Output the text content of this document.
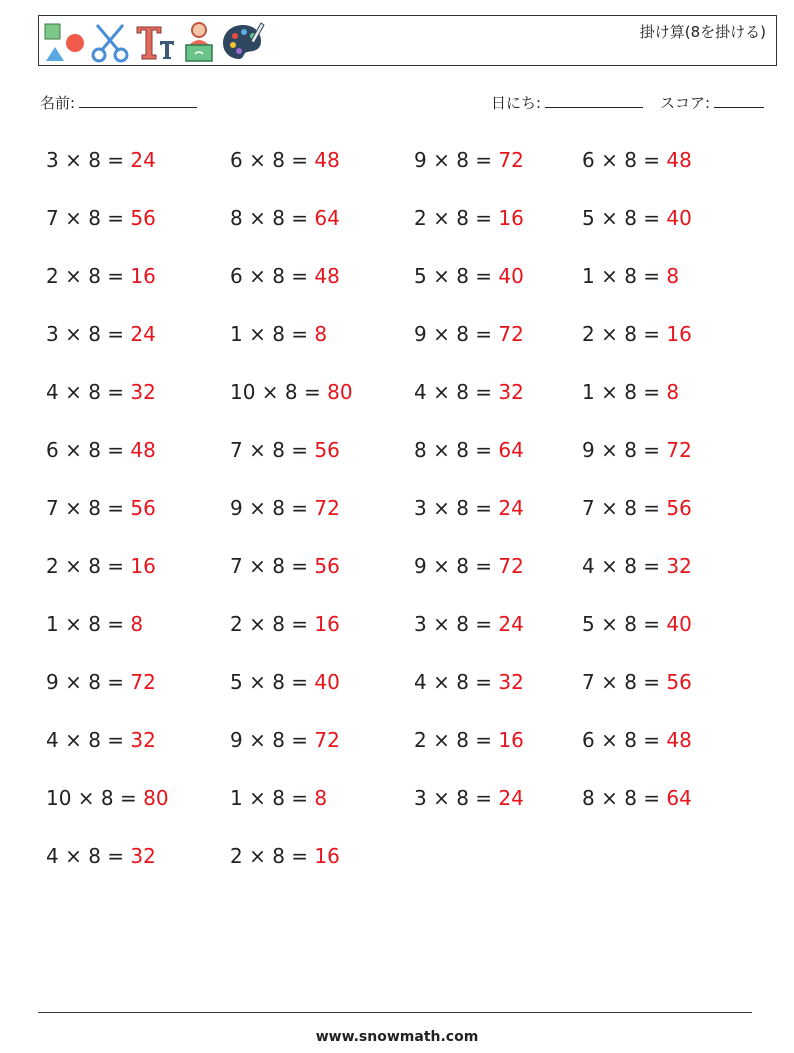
掛け算(8を掛ける)
名前:	日にち:	スコア:
3 × 8 = 24
7 × 8 = 56
2 × 8 = 16
3 × 8 = 24
4 × 8 = 32
6 × 8 = 48
7 × 8 = 56
2 × 8 = 16
1 × 8 = 8
9 × 8 = 72
4 × 8 = 32
10 × 8 = 80
4 × 8 = 32
6 × 8 = 48
8 × 8 = 64
6 × 8 = 48
1 × 8 = 8
10 × 8 = 80
7 × 8 = 56
9 × 8 = 72
7 × 8 = 56
2 × 8 = 16
5 × 8 = 40
9 × 8 = 72
1 × 8 = 8
2 × 8 = 16
9 × 8 = 72
2 × 8 = 16
5 × 8 = 40
9 × 8 = 72
4 × 8 = 32
8 × 8 = 64
3 × 8 = 24
9 × 8 = 72
3 × 8 = 24
4 × 8 = 32
2 × 8 = 16
3 × 8 = 24
6 × 8 = 48
5 × 8 = 40
1 × 8 = 8
2 × 8 = 16
1 × 8 = 8
9 × 8 = 72
7 × 8 = 56
4 × 8 = 32
5 × 8 = 40
7 × 8 = 56
6 × 8 = 48
8 × 8 = 64
www.snowmath.com
